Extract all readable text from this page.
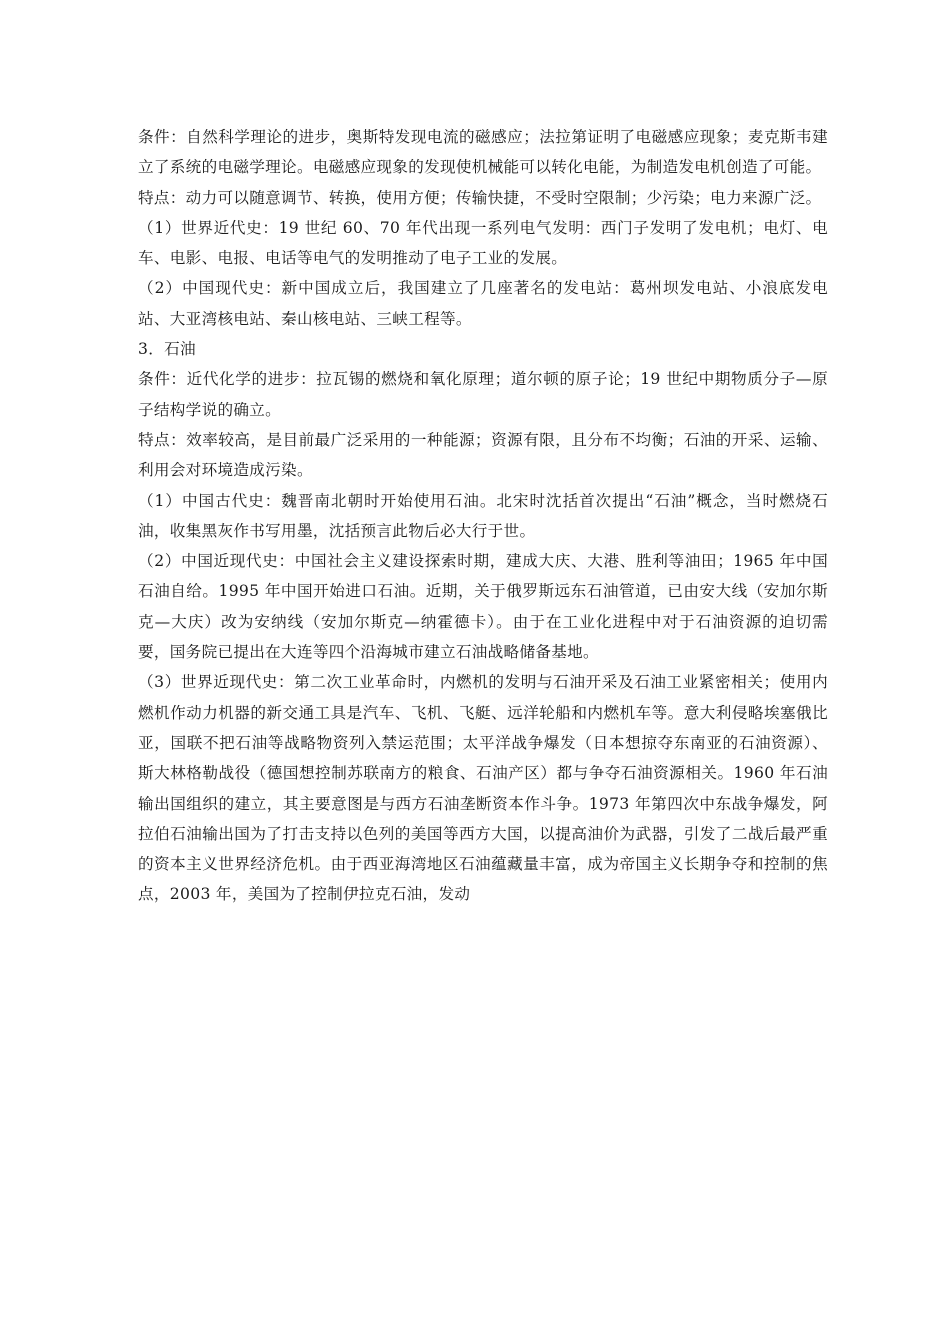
条件：自然科学理论的进步，奥斯特发现电流的磁感应；法拉第证明了电磁感应现象；麦克斯韦建立了系统的电磁学理论。电磁感应现象的发现使机械能可以转化电能，为制造发电机创造了可能。

特点：动力可以随意调节、转换，使用方便；传输快捷，不受时空限制；少污染；电力来源广泛。

（1）世界近代史：19 世纪 60、70 年代出现一系列电气发明：西门子发明了发电机；电灯、电车、电影、电报、电话等电气的发明推动了电子工业的发展。

（2）中国现代史：新中国成立后，我国建立了几座著名的发电站：葛州坝发电站、小浪底发电站、大亚湾核电站、秦山核电站、三峡工程等。

3．石油

条件：近代化学的进步：拉瓦锡的燃烧和氧化原理；道尔顿的原子论；19 世纪中期物质分子—原子结构学说的确立。

特点：效率较高，是目前最广泛采用的一种能源；资源有限，且分布不均衡；石油的开采、运输、利用会对环境造成污染。

（1）中国古代史：魏晋南北朝时开始使用石油。北宋时沈括首次提出“石油”概念，当时燃烧石油，收集黑灰作书写用墨，沈括预言此物后必大行于世。

（2）中国近现代史：中国社会主义建设探索时期，建成大庆、大港、胜利等油田；1965 年中国石油自给。1995 年中国开始进口石油。近期，关于俄罗斯远东石油管道，已由安大线（安加尔斯克—大庆）改为安纳线（安加尔斯克—纳霍德卡）。由于在工业化进程中对于石油资源的迫切需要，国务院已提出在大连等四个沿海城市建立石油战略储备基地。

（3）世界近现代史：第二次工业革命时，内燃机的发明与石油开采及石油工业紧密相关；使用内燃机作动力机器的新交通工具是汽车、飞机、飞艇、远洋轮船和内燃机车等。意大利侵略埃塞俄比亚，国联不把石油等战略物资列入禁运范围；太平洋战争爆发（日本想掠夺东南亚的石油资源）、斯大林格勒战役（德国想控制苏联南方的粮食、石油产区）都与争夺石油资源相关。1960 年石油输出国组织的建立，其主要意图是与西方石油垄断资本作斗争。1973 年第四次中东战争爆发，阿拉伯石油输出国为了打击支持以色列的美国等西方大国，以提高油价为武器，引发了二战后最严重的资本主义世界经济危机。由于西亚海湾地区石油蕴藏量丰富，成为帝国主义长期争夺和控制的焦点，2003 年，美国为了控制伊拉克石油，发动
